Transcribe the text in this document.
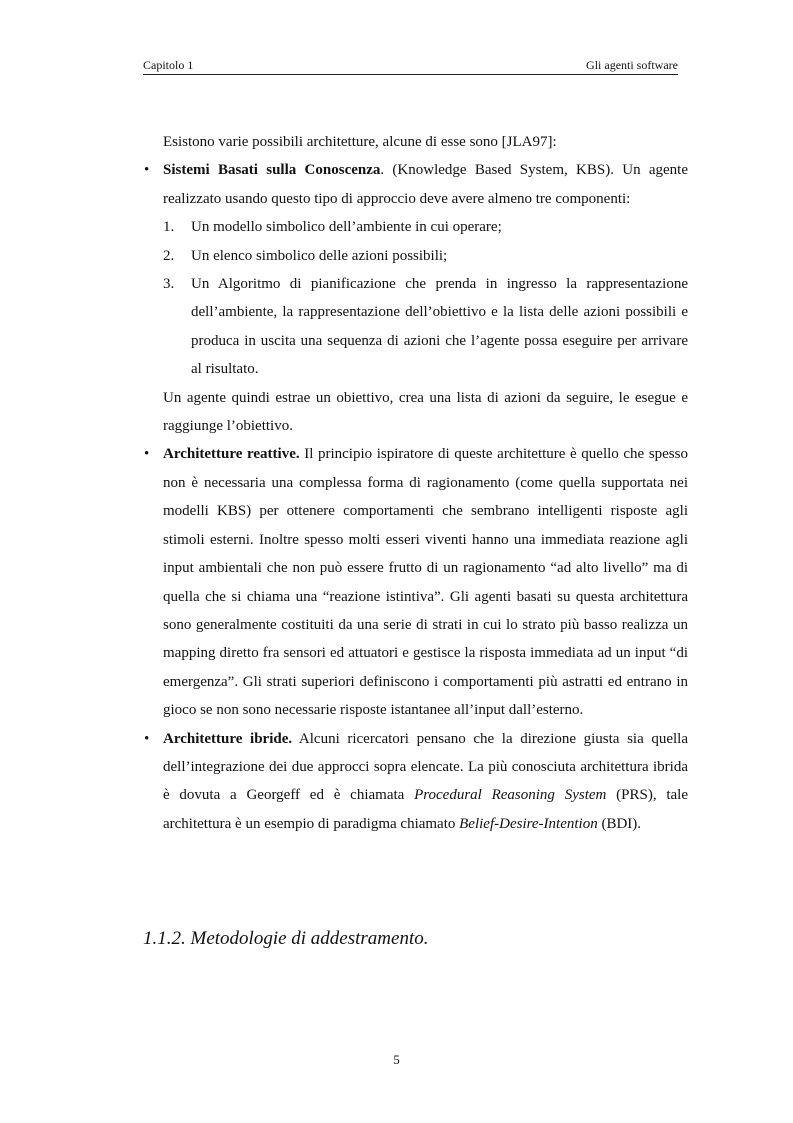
Capitolo 1	Gli agenti software

Esistono varie possibili architetture, alcune di esse sono [JLA97]:

• Sistemi Basati sulla Conoscenza. (Knowledge Based System, KBS). Un agente realizzato usando questo tipo di approccio deve avere almeno tre componenti:
1. Un modello simbolico dell’ambiente in cui operare;
2. Un elenco simbolico delle azioni possibili;
3. Un Algoritmo di pianificazione che prenda in ingresso la rappresentazione dell’ambiente, la rappresentazione dell’obiettivo e la lista delle azioni possibili e produca in uscita una sequenza di azioni che l’agente possa eseguire per arrivare al risultato.
Un agente quindi estrae un obiettivo, crea una lista di azioni da seguire, le esegue e raggiunge l’obiettivo.
• Architetture reattive. Il principio ispiratore di queste architetture è quello che spesso non è necessaria una complessa forma di ragionamento (come quella supportata nei modelli KBS) per ottenere comportamenti che sembrano intelligenti risposte agli stimoli esterni. Inoltre spesso molti esseri viventi hanno una immediata reazione agli input ambientali che non può essere frutto di un ragionamento “ad alto livello” ma di quella che si chiama una “reazione istintiva”. Gli agenti basati su questa architettura sono generalmente costituiti da una serie di strati in cui lo strato più basso realizza un mapping diretto fra sensori ed attuatori e gestisce la risposta immediata ad un input “di emergenza”. Gli strati superiori definiscono i comportamenti più astratti ed entrano in gioco se non sono necessarie risposte istantanee all’input dall’esterno.
• Architetture ibride. Alcuni ricercatori pensano che la direzione giusta sia quella dell’integrazione dei due approcci sopra elencate. La più conosciuta architettura ibrida è dovuta a Georgeff ed è chiamata Procedural Reasoning System (PRS), tale architettura è un esempio di paradigma chiamato Belief-Desire-Intention (BDI).
1.1.2. Metodologie di addestramento.
5
